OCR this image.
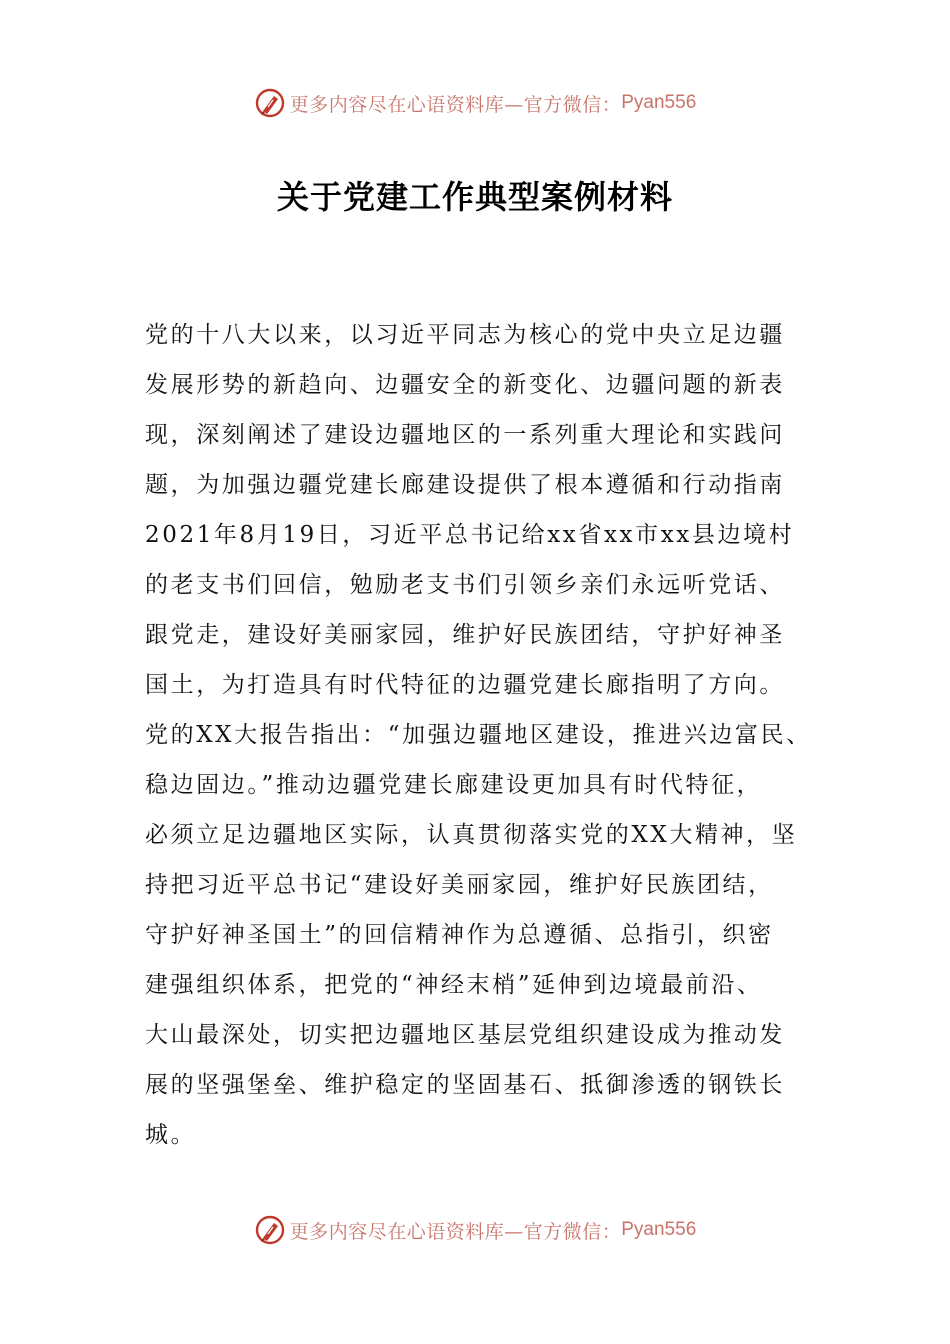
更多内容尽在心语资料库—官方微信： Pyan556
关于党建工作典型案例材料
党的十八大以来，以习近平同志为核心的党中央立足边疆
发展形势的新趋向、边疆安全的新变化、边疆问题的新表
现，深刻阐述了建设边疆地区的一系列重大理论和实践问
题，为加强边疆党建长廊建设提供了根本遵循和行动指南
2021年8月19日，习近平总书记给xx省xx市xx县边境村
的老支书们回信，勉励老支书们引领乡亲们永远听党话、
跟党走，建设好美丽家园，维护好民族团结，守护好神圣
国土，为打造具有时代特征的边疆党建长廊指明了方向。
党的XX大报告指出：“加强边疆地区建设，推进兴边富民、
稳边固边。”推动边疆党建长廊建设更加具有时代特征，
必须立足边疆地区实际，认真贯彻落实党的XX大精神，坚
持把习近平总书记“建设好美丽家园，维护好民族团结，
守护好神圣国土”的回信精神作为总遵循、总指引，织密
建强组织体系，把党的“神经末梢”延伸到边境最前沿、
大山最深处，切实把边疆地区基层党组织建设成为推动发
展的坚强堡垒、维护稳定的坚固基石、抵御渗透的钢铁长
城。
更多内容尽在心语资料库—官方微信： Pyan556
